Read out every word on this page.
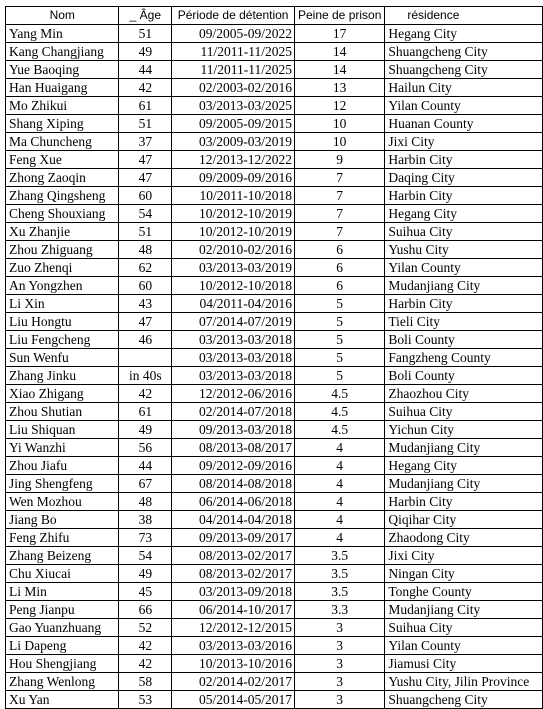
Nom	_ Âge	Période de détention	Peine de prison	résidence
Yang Min	51	09/2005-09/2022	17	Hegang City
Kang Changjiang	49	11/2011-11/2025	14	Shuangcheng City
Yue Baoqing	44	11/2011-11/2025	14	Shuangcheng City
Han Huaigang	42	02/2003-02/2016	13	Hailun City
Mo Zhikui	61	03/2013-03/2025	12	Yilan County
Shang Xiping	51	09/2005-09/2015	10	Huanan County
Ma Chuncheng	37	03/2009-03/2019	10	Jixi City
Feng Xue	47	12/2013-12/2022	9	Harbin City
Zhong Zaoqin	47	09/2009-09/2016	7	Daqing City
Zhang Qingsheng	60	10/2011-10/2018	7	Harbin City
Cheng Shouxiang	54	10/2012-10/2019	7	Hegang City
Xu Zhanjie	51	10/2012-10/2019	7	Suihua City
Zhou Zhiguang	48	02/2010-02/2016	6	Yushu City
Zuo Zhenqi	62	03/2013-03/2019	6	Yilan County
An Yongzhen	60	10/2012-10/2018	6	Mudanjiang City
Li Xin	43	04/2011-04/2016	5	Harbin City
Liu Hongtu	47	07/2014-07/2019	5	Tieli City
Liu Fengcheng	46	03/2013-03/2018	5	Boli County
Sun Wenfu		03/2013-03/2018	5	Fangzheng County
Zhang Jinku	in 40s	03/2013-03/2018	5	Boli County
Xiao Zhigang	42	12/2012-06/2016	4.5	Zhaozhou City
Zhou Shutian	61	02/2014-07/2018	4.5	Suihua City
Liu Shiquan	49	09/2013-03/2018	4.5	Yichun City
Yi Wanzhi	56	08/2013-08/2017	4	Mudanjiang City
Zhou Jiafu	44	09/2012-09/2016	4	Hegang City
Jing Shengfeng	67	08/2014-08/2018	4	Mudanjiang City
Wen Mozhou	48	06/2014-06/2018	4	Harbin City
Jiang Bo	38	04/2014-04/2018	4	Qiqihar City
Feng Zhifu	73	09/2013-09/2017	4	Zhaodong City
Zhang Beizeng	54	08/2013-02/2017	3.5	Jixi City
Chu Xiucai	49	08/2013-02/2017	3.5	Ningan City
Li Min	45	03/2013-09/2018	3.5	Tonghe County
Peng Jianpu	66	06/2014-10/2017	3.3	Mudanjiang City
Gao Yuanzhuang	52	12/2012-12/2015	3	Suihua City
Li Dapeng	42	03/2013-03/2016	3	Yilan County
Hou Shengjiang	42	10/2013-10/2016	3	Jiamusi City
Zhang Wenlong	58	02/2014-02/2017	3	Yushu City, Jilin Province
Xu Yan	53	05/2014-05/2017	3	Shuangcheng City
